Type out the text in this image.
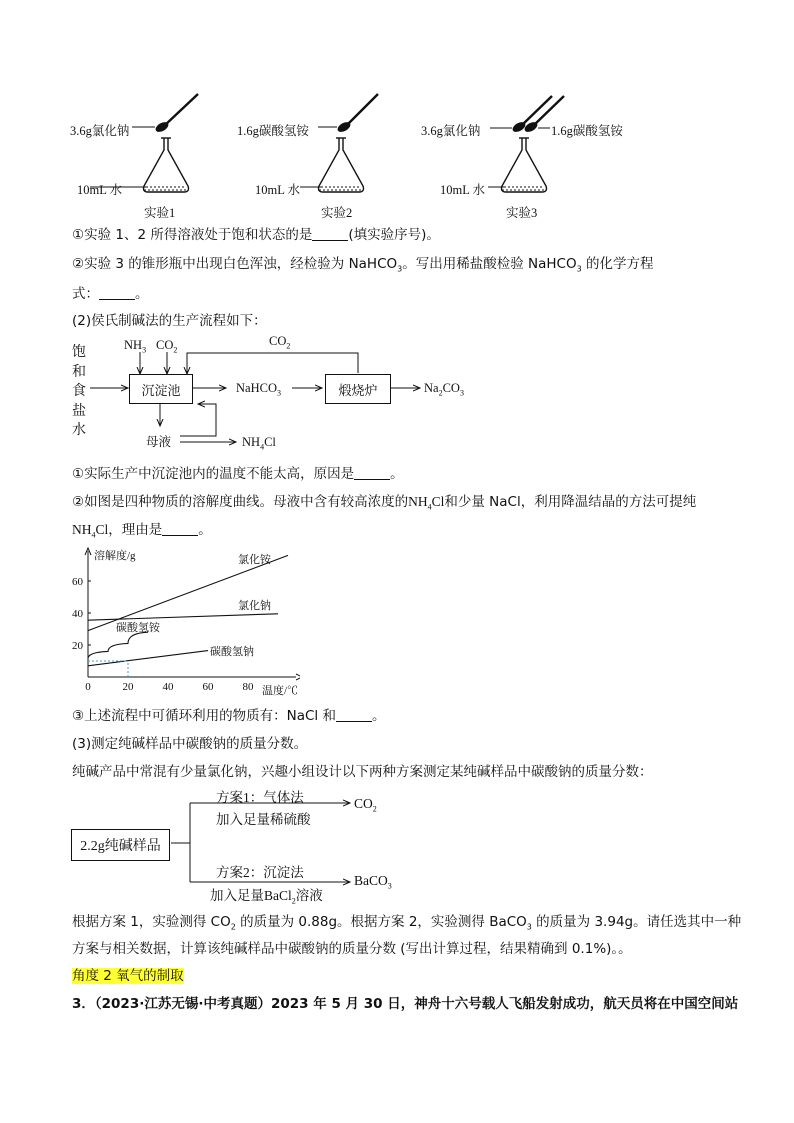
3.6g氯化钠
10mL 水
实验1
1.6g碳酸氢铵
10mL 水
实验2
3.6g氯化钠	1.6g碳酸氢铵
10mL 水
实验3
①实验 1、2 所得溶液处于饱和状态的是	(填实验序号)。
②实验 3 的锥形瓶中出现白色浑浊，经检验为 NaHCO$_3$。写出用稀盐酸检验 NaHCO$_3$ 的化学方程
式：	。
(2)侯氏制碱法的生产流程如下：
饱
和
食
盐
水
$NH_3$ $CO_2$
$CO_2$
沉淀池	NaHCO$_3$	煅烧炉	$Na_2CO_3$
母液	$NH_4Cl$
①实际生产中沉淀池内的温度不能太高，原因是	。
②如图是四种物质的溶解度曲线。母液中含有较高浓度的$NH_4Cl$和少量 NaCl，利用降温结晶的方法可提纯
$NH_4Cl$，理由是	。
溶解度/g
温度/℃
0	20	40	60	80
20
40
60
氯化铵
氯化钠
碳酸氢铵
碳酸氢钠
③上述流程中可循环利用的物质有：NaCl 和	。
(3)测定纯碱样品中碳酸钠的质量分数。
纯碱产品中常混有少量氯化钠，兴趣小组设计以下两种方案测定某纯碱样品中碳酸钠的质量分数：
2.2g纯碱样品
方案1：气体法
加入足量稀硫酸
$CO_2$
方案2：沉淀法
加入足量BaCl$_2$溶液
BaCO$_3$
根据方案 1，实验测得 $CO_2$ 的质量为 0.88g。根据方案 2，实验测得 BaCO$_3$ 的质量为 3.94g。请任选其中一种
方案与相关数据，计算该纯碱样品中碳酸钠的质量分数 (写出计算过程，结果精确到 0.1%)。。
角度 2 氧气的制取
3．（2023·江苏无锡·中考真题）2023 年 5 月 30 日，神舟十六号载人飞船发射成功，航天员将在中国空间站
